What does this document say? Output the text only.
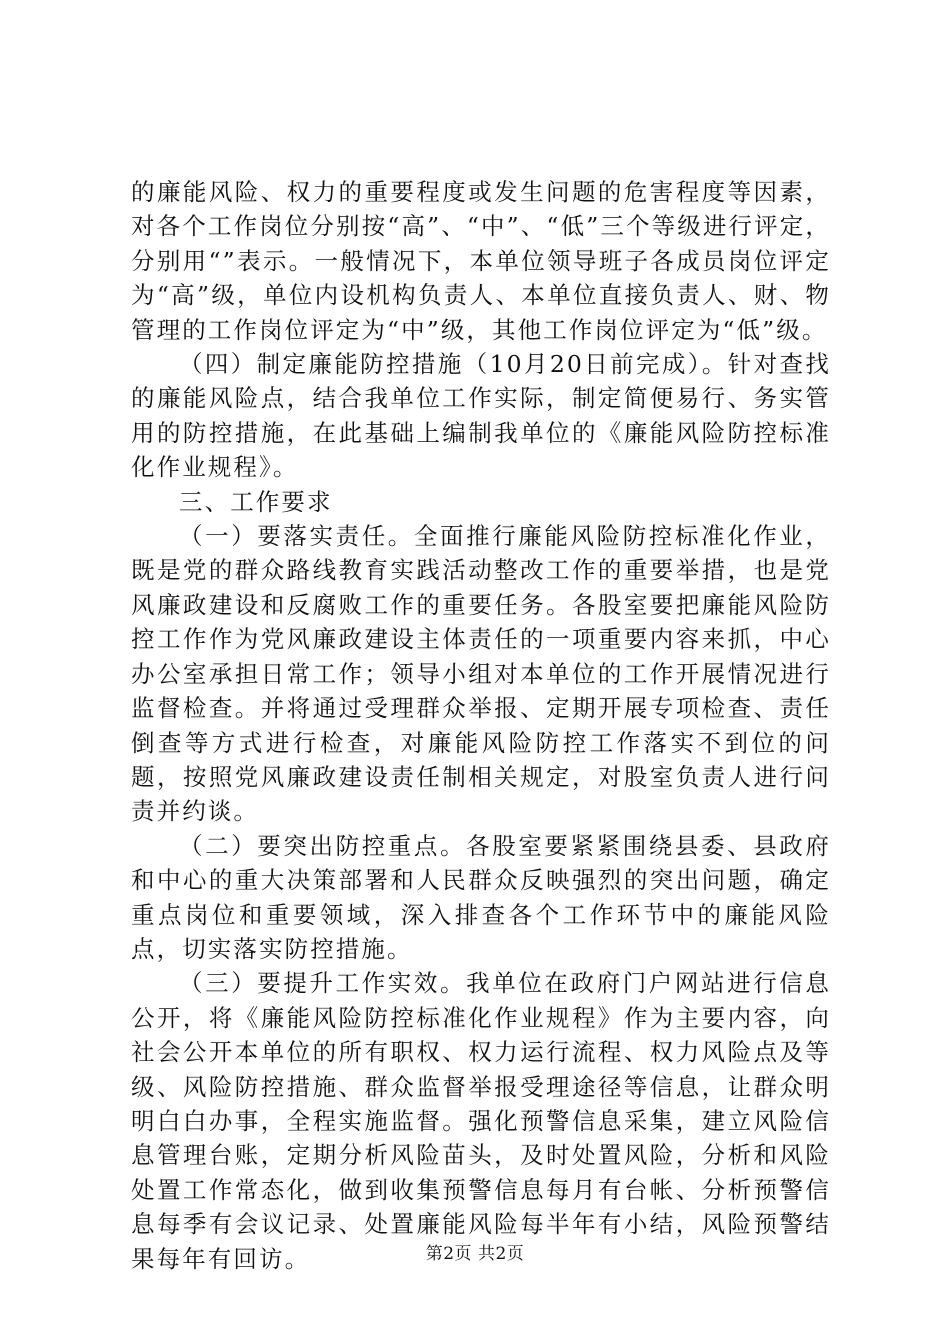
的廉能风险、权力的重要程度或发生问题的危害程度等因素，对各个工作岗位分别按“高”、“中”、“低”三个等级进行评定，分别用“”表示。一般情况下，本单位领导班子各成员岗位评定为“高”级，单位内设机构负责人、本单位直接负责人、财、物管理的工作岗位评定为“中”级，其他工作岗位评定为“低”级。

（四）制定廉能防控措施（10月20日前完成）。针对查找的廉能风险点，结合我单位工作实际，制定简便易行、务实管用的防控措施，在此基础上编制我单位的《廉能风险防控标准化作业规程》。

三、工作要求

（一）要落实责任。全面推行廉能风险防控标准化作业，既是党的群众路线教育实践活动整改工作的重要举措，也是党风廉政建设和反腐败工作的重要任务。各股室要把廉能风险防控工作作为党风廉政建设主体责任的一项重要内容来抓，中心办公室承担日常工作；领导小组对本单位的工作开展情况进行监督检查。并将通过受理群众举报、定期开展专项检查、责任倒查等方式进行检查，对廉能风险防控工作落实不到位的问题，按照党风廉政建设责任制相关规定，对股室负责人进行问责并约谈。

（二）要突出防控重点。各股室要紧紧围绕县委、县政府和中心的重大决策部署和人民群众反映强烈的突出问题，确定重点岗位和重要领域，深入排查各个工作环节中的廉能风险点，切实落实防控措施。

（三）要提升工作实效。我单位在政府门户网站进行信息公开，将《廉能风险防控标准化作业规程》作为主要内容，向社会公开本单位的所有职权、权力运行流程、权力风险点及等级、风险防控措施、群众监督举报受理途径等信息，让群众明明白白办事，全程实施监督。强化预警信息采集，建立风险信息管理台账，定期分析风险苗头，及时处置风险，分析和风险处置工作常态化，做到收集预警信息每月有台帐、分析预警信息每季有会议记录、处置廉能风险每半年有小结，风险预警结果每年有回访。	第2页 共2页
